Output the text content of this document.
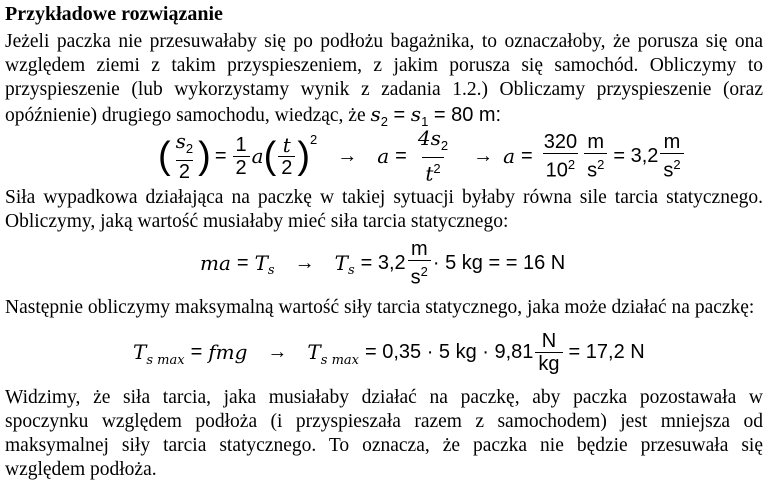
Przykładowe rozwiązanie
Jeżeli paczka nie przesuwałaby się po podłożu bagażnika, to oznaczałoby, że porusza się ona
względem ziemi z takim przyspieszeniem, z jakim porusza się samochód. Obliczymy to
przyspieszenie (lub wykorzystamy wynik z zadania 1.2.) Obliczamy przyspieszenie (oraz
opóźnienie) drugiego samochodu, wiedząc, że $s_2 = s_1 = 80$ m:
( $\frac{s_2}{2}$ ) = $\frac{1}{2}$ a ( $\frac{t}{2} )^2$
→ $a = \frac{4s_2}{t^2} \to a = \frac{320}{10^2} \frac{m}{s^2} = 3,2 \frac{m}{s^2}$
Siła wypadkowa działająca na paczkę w takiej sytuacji byłaby równa sile tarcia statycznego.
Obliczymy, jaką wartość musiałaby mieć siła tarcia statycznego:
ma = $T_s \to T_s = 3,2 \frac{m}{s^2} \cdot 5$ kg = = 16 N
Następnie obliczymy maksymalną wartość siły tarcia statycznego, jaka może działać na paczkę:
$T_{s max}$ = fmg → $T_{s max} = 0,35 \cdot 5$ kg · $9,81 \frac{N}{kg} = 17,2$ N
Widzimy, że siła tarcia, jaka musiałaby działać na paczkę, aby paczka pozostawała w
spoczynku względem podłoża (i przyspieszała razem z samochodem) jest mniejsza od
maksymalnej siły tarcia statycznego. To oznacza, że paczka nie będzie przesuwała się
względem podłoża.
